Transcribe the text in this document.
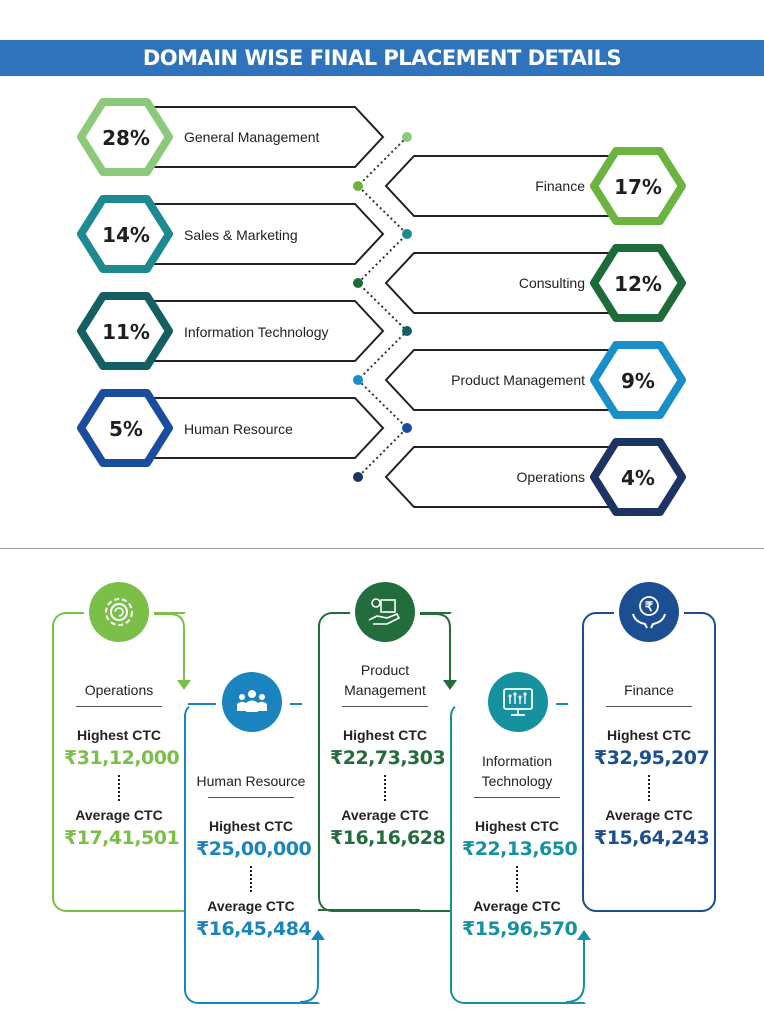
DOMAIN WISE FINAL PLACEMENT DETAILS
28% General Management
14% Sales & Marketing
11% Information Technology
5%	Human Resource
17%
Finance
12%
Consulting
9%
Product Management
4%
Operations
₹
Operations
Highest CTC
₹31,12,000
Average CTC
₹17,41,501
Human Resource
Highest CTC
₹25,00,000
Average CTC
₹16,45,484
Product
Management
Highest CTC
₹22,73,303
Average CTC
₹16,16,628
Information
Technology
Highest CTC
₹22,13,650
Average CTC
₹15,96,570
Finance
Highest CTC
₹32,95,207
Average CTC
₹15,64,243
